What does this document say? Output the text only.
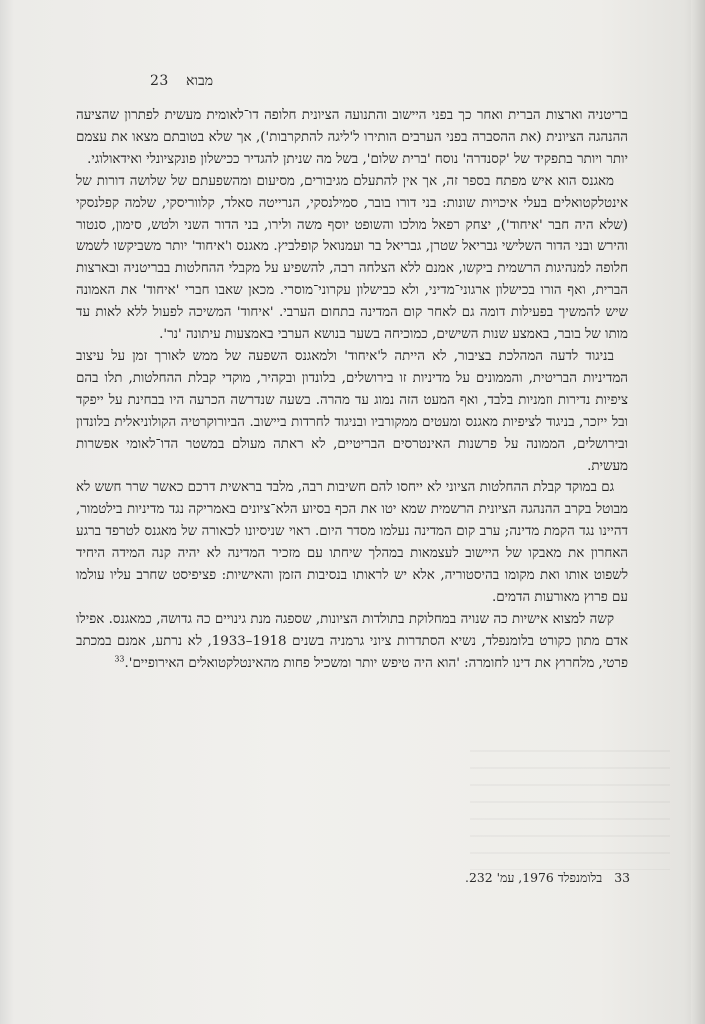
23 מבוא

בריטניה וארצות הברית ואחר כך בפני היישוב והתנועה הציונית חלופה דו־לאומית מעשית לפתרון שהציעה ההנהגה הציונית (את ההסברה בפני הערבים הותירו ל'ליגה להתקרבות'), אך שלא בטובתם מצאו את עצמם יותר ויותר בתפקיד של 'קסנדרה' נוסח 'ברית שלום', בשל מה שניתן להגדיר ככישלון פונקציונלי ואידאולוגי.

מאגנס הוא איש מפתח בספר זה, אך אין להתעלם מגיבורים, מסיעום ומהשפעתם של שלושה דורות של אינטלקטואלים בעלי איכויות שונות: בני דורו בובר, סמילנסקי, הנרייטה סאלד, קלווריסקי, שלמה קפלנסקי (שלא היה חבר 'איחוד'), יצחק רפאל מולכו והשופט יוסף משה ולירו, בני הדור השני ולטש, סימון, סנטור והירש ובני הדור השלישי גבריאל שטרן, גבריאל בר ועמנואל קופלביץ. מאגנס ו'איחוד' יותר משביקשו לשמש חלופה למנהיגות הרשמית ביקשו, אמנם ללא הצלחה רבה, להשפיע על מקבלי ההחלטות בבריטניה ובארצות הברית, ואף הורו בכישלון ארגוני־מדיני, ולא כבישלון עקרוני־מוסרי. מכאן שאבו חברי 'איחוד' את האמונה שיש להמשיך בפעילות דומה גם לאחר קום המדינה בתחום הערבי. 'איחוד' המשיכה לפעול ללא לאות עד מותו של בובר, באמצע שנות השישים, כמוכיחה בשער בנושא הערבי באמצעות עיתונה 'נר'.

בניגוד לדעה המהלכת בציבור, לא הייתה ל'איחוד' ולמאגנס השפעה של ממש לאורך זמן על עיצוב המדיניות הבריטית, והממונים על מדיניות זו בירושלים, בלונדון ובקהיר, מוקדי קבלת ההחלטות, תלו בהם ציפיות נדירות וזמניות בלבד, ואף המעט הזה נמוג עד מהרה. בשעה שנדרשה הכרעה היו בבחינת על ייפקד ובל ייזכר, בניגוד לציפיות מאגנס ומעטים ממקורביו ובניגוד לחרדות ביישוב. הביורוקרטיה הקולוניאלית בלונדון ובירושלים, הממונה על פרשנות האינטרסים הבריטיים, לא ראתה מעולם במשטר הדו־לאומי אפשרות מעשית.

גם במוקד קבלת ההחלטות הציוני לא ייחסו להם חשיבות רבה, מלבד בראשית דרכם כאשר שרר חשש לא מבוטל בקרב ההנהגה הציונית הרשמית שמא יטו את הכף בסיוע הלא־ציונים באמריקה נגד מדיניות בילטמור, דהיינו נגד הקמת מדינה; ערב קום המדינה נעלמו מסדר היום. ראוי שניסיונו לכאורה של מאגנס לטרפד ברגע האחרון את מאבקו של היישוב לעצמאות במהלך שיחתו עם מזכיר המדינה לא יהיה קנה המידה היחיד לשפוט אותו ואת מקומו בהיסטוריה, אלא יש לראותו בנסיבות הזמן והאישיות: פציפיסט שחרב עליו עולמו עם פרוץ מאורעות הדמים.

קשה למצוא אישיות כה שנויה במחלוקת בתולדות הציונות, שספגה מנת גינויים כה גדושה, כמאגנס. אפילו אדם מתון כקורט בלומנפלד, נשיא הסתדרות ציוני גרמניה בשנים 1918–1933, לא נרתע, אמנם במכתב פרטי, מלחרוץ את דינו לחומרה: 'הוא היה טיפש יותר ומשכיל פחות מהאינטלקטואלים האירופיים'.$^{33}$

33 בלומנפלד 1976, עמ' 232.
